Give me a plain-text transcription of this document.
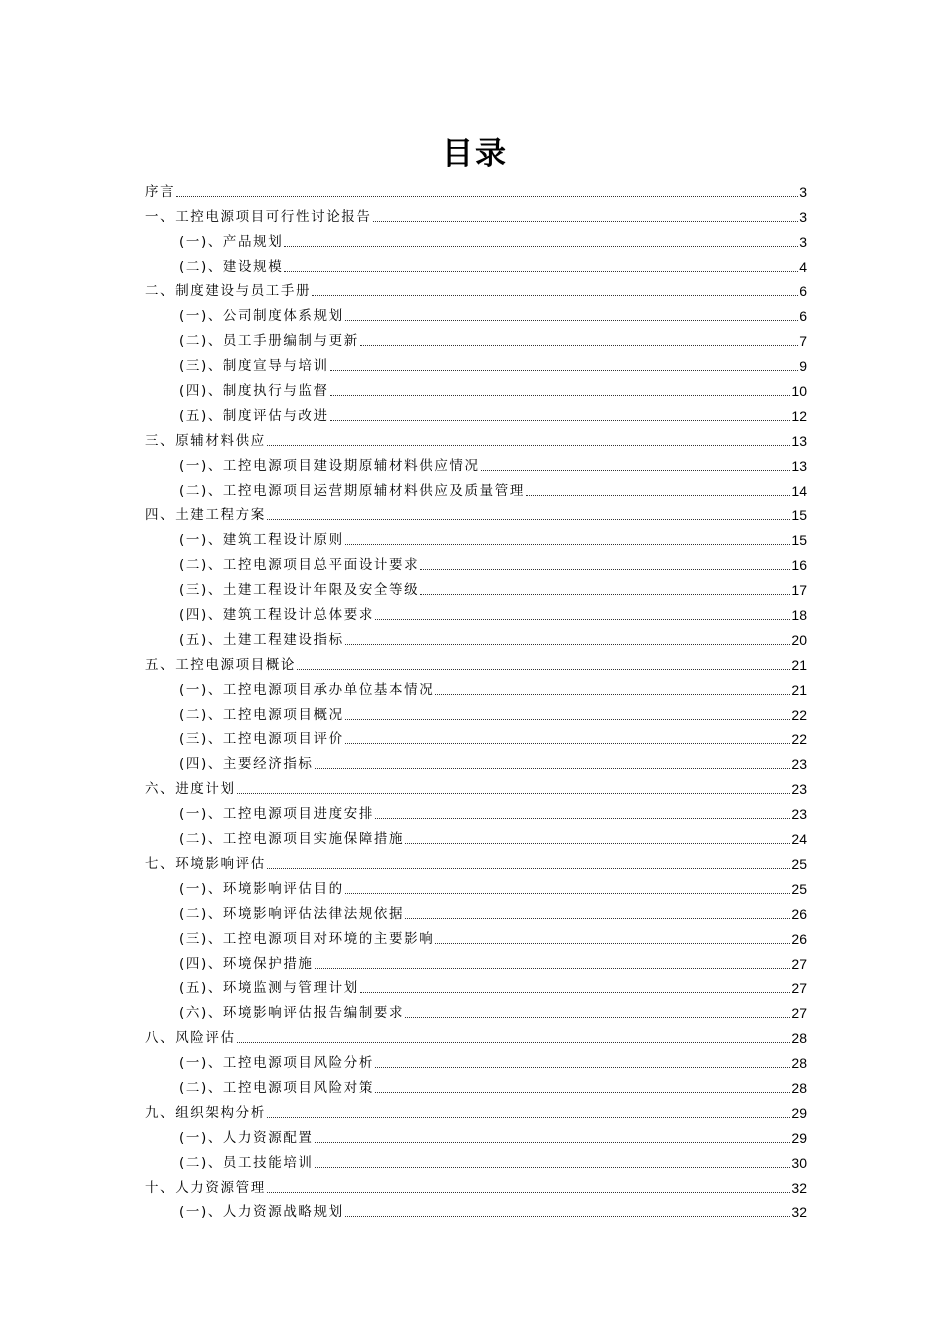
目录
序言	3
一、工控电源项目可行性讨论报告	3
(一)、产品规划	3
(二)、建设规模	4
二、制度建设与员工手册	6
(一)、公司制度体系规划	6
(二)、员工手册编制与更新	7
(三)、制度宣导与培训	9
(四)、制度执行与监督	10
(五)、制度评估与改进	12
三、原辅材料供应	13
(一)、工控电源项目建设期原辅材料供应情况	13
(二)、工控电源项目运营期原辅材料供应及质量管理	14
四、土建工程方案	15
(一)、建筑工程设计原则	15
(二)、工控电源项目总平面设计要求	16
(三)、土建工程设计年限及安全等级	17
(四)、建筑工程设计总体要求	18
(五)、土建工程建设指标	20
五、工控电源项目概论	21
(一)、工控电源项目承办单位基本情况	21
(二)、工控电源项目概况	22
(三)、工控电源项目评价	22
(四)、主要经济指标	23
六、进度计划	23
(一)、工控电源项目进度安排	23
(二)、工控电源项目实施保障措施	24
七、环境影响评估	25
(一)、环境影响评估目的	25
(二)、环境影响评估法律法规依据	26
(三)、工控电源项目对环境的主要影响	26
(四)、环境保护措施	27
(五)、环境监测与管理计划	27
(六)、环境影响评估报告编制要求	27
八、风险评估	28
(一)、工控电源项目风险分析	28
(二)、工控电源项目风险对策	28
九、组织架构分析	29
(一)、人力资源配置	29
(二)、员工技能培训	30
十、人力资源管理	32
(一)、人力资源战略规划	32
